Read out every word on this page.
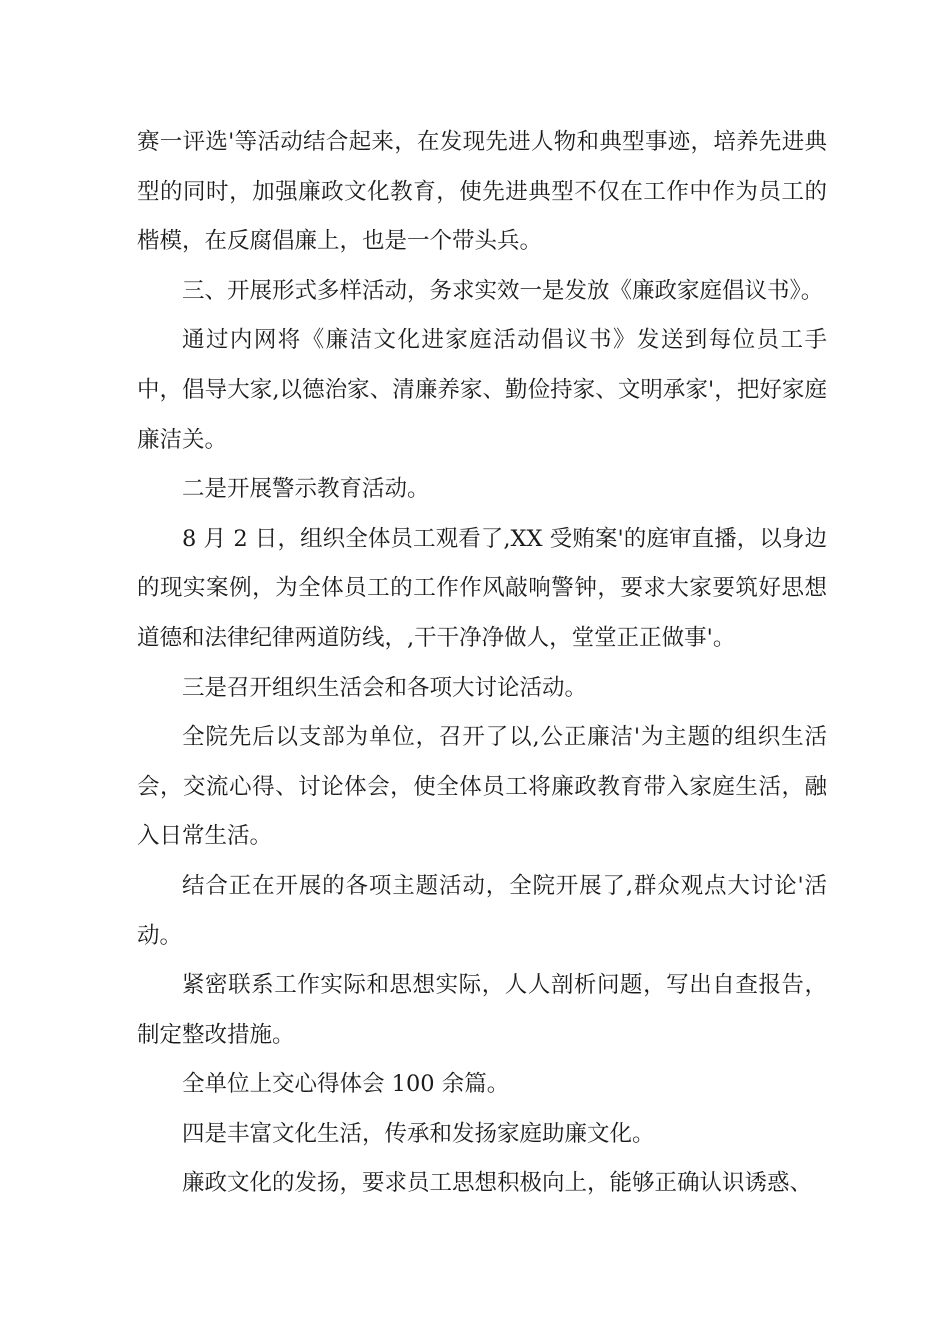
赛一评选'等活动结合起来，在发现先进人物和典型事迹，培养先进典型的同时，加强廉政文化教育，使先进典型不仅在工作中作为员工的楷模，在反腐倡廉上，也是一个带头兵。

三、开展形式多样活动，务求实效一是发放《廉政家庭倡议书》。

通过内网将《廉洁文化进家庭活动倡议书》发送到每位员工手中，倡导大家,以德治家、清廉养家、勤俭持家、文明承家'，把好家庭廉洁关。

二是开展警示教育活动。

8 月 2 日，组织全体员工观看了,XX 受贿案'的庭审直播，以身边的现实案例，为全体员工的工作作风敲响警钟，要求大家要筑好思想道德和法律纪律两道防线，,干干净净做人，堂堂正正做事'。

三是召开组织生活会和各项大讨论活动。

全院先后以支部为单位，召开了以,公正廉洁'为主题的组织生活会，交流心得、讨论体会，使全体员工将廉政教育带入家庭生活，融入日常生活。

结合正在开展的各项主题活动，全院开展了,群众观点大讨论'活动。

紧密联系工作实际和思想实际，人人剖析问题，写出自查报告，制定整改措施。

全单位上交心得体会 100 余篇。

四是丰富文化生活，传承和发扬家庭助廉文化。

廉政文化的发扬，要求员工思想积极向上，能够正确认识诱惑、
